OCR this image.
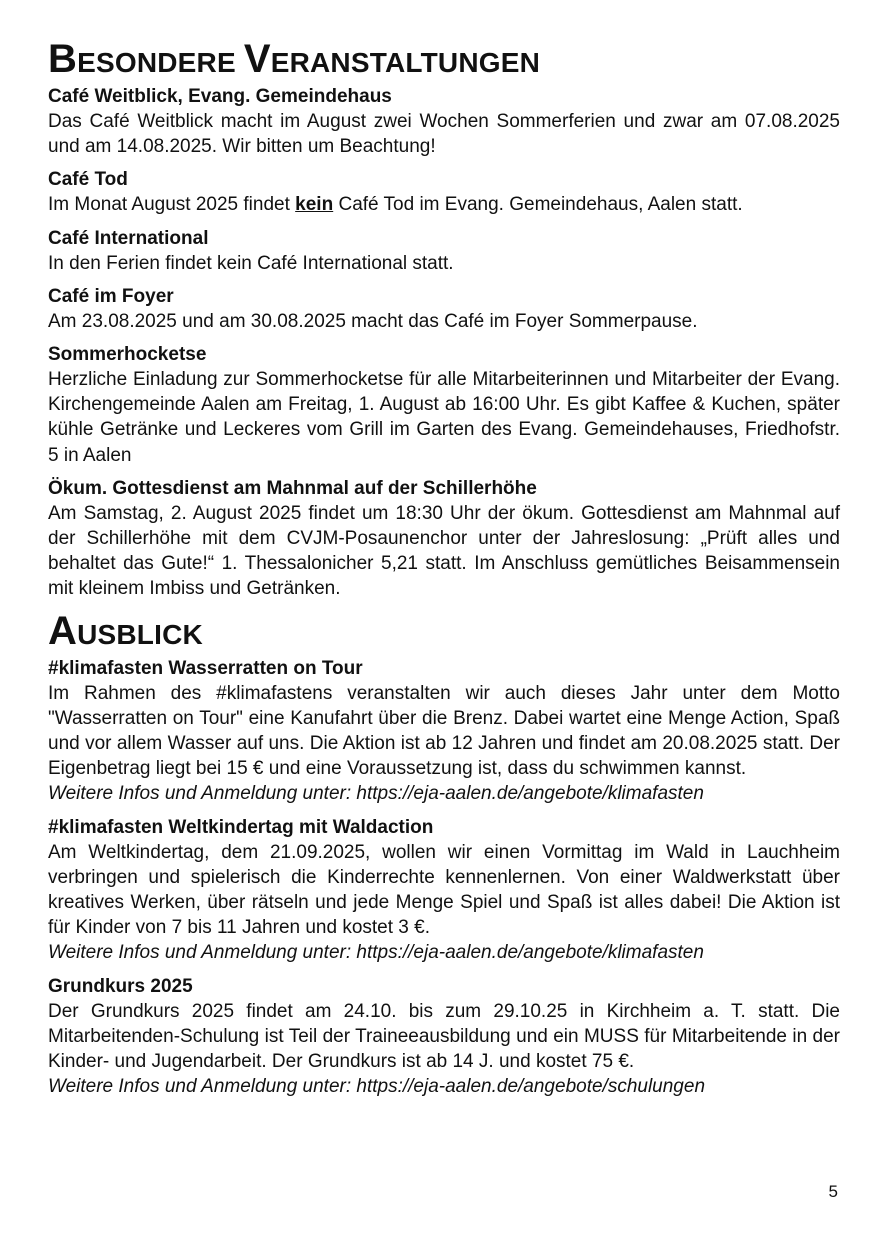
BESONDERE VERANSTALTUNGEN
Café Weitblick, Evang. Gemeindehaus

Das Café Weitblick macht im August zwei Wochen Sommerferien und zwar am 07.08.2025 und am 14.08.2025. Wir bitten um Beachtung!

Café Tod

Im Monat August 2025 findet kein Café Tod im Evang. Gemeindehaus, Aalen statt.

Café International

In den Ferien findet kein Café International statt.

Café im Foyer

Am 23.08.2025 und am 30.08.2025 macht das Café im Foyer Sommerpause.

Sommerhocketse

Herzliche Einladung zur Sommerhocketse für alle Mitarbeiterinnen und Mitarbeiter der Evang. Kirchengemeinde Aalen am Freitag, 1. August ab 16:00 Uhr. Es gibt Kaffee & Kuchen, später kühle Getränke und Leckeres vom Grill im Garten des Evang. Gemeindehauses, Friedhofstr. 5 in Aalen

Ökum. Gottesdienst am Mahnmal auf der Schillerhöhe

Am Samstag, 2. August 2025 findet um 18:30 Uhr der ökum. Gottesdienst am Mahnmal auf der Schillerhöhe mit dem CVJM-Posaunenchor unter der Jahreslosung: „Prüft alles und behaltet das Gute!“ 1. Thessalonicher 5,21 statt. Im Anschluss gemütliches Beisammensein mit kleinem Imbiss und Getränken.

AUSBLICK
#klimafasten Wasserratten on Tour

Im Rahmen des #klimafastens veranstalten wir auch dieses Jahr unter dem Motto "Wasserratten on Tour" eine Kanufahrt über die Brenz. Dabei wartet eine Menge Action, Spaß und vor allem Wasser auf uns. Die Aktion ist ab 12 Jahren und findet am 20.08.2025 statt. Der Eigenbetrag liegt bei 15 € und eine Voraussetzung ist, dass du schwimmen kannst.

Weitere Infos und Anmeldung unter: https://eja-aalen.de/angebote/klimafasten

#klimafasten Weltkindertag mit Waldaction

Am Weltkindertag, dem 21.09.2025, wollen wir einen Vormittag im Wald in Lauchheim verbringen und spielerisch die Kinderrechte kennenlernen. Von einer Waldwerkstatt über kreatives Werken, über rätseln und jede Menge Spiel und Spaß ist alles dabei! Die Aktion ist für Kinder von 7 bis 11 Jahren und kostet 3 €.

Weitere Infos und Anmeldung unter: https://eja-aalen.de/angebote/klimafasten

Grundkurs 2025

Der Grundkurs 2025 findet am 24.10. bis zum 29.10.25 in Kirchheim a. T. statt. Die Mitarbeitenden-Schulung ist Teil der Traineeausbildung und ein MUSS für Mitarbeitende in der Kinder- und Jugendarbeit. Der Grundkurs ist ab 14 J. und kostet 75 €.

Weitere Infos und Anmeldung unter: https://eja-aalen.de/angebote/schulungen

5
